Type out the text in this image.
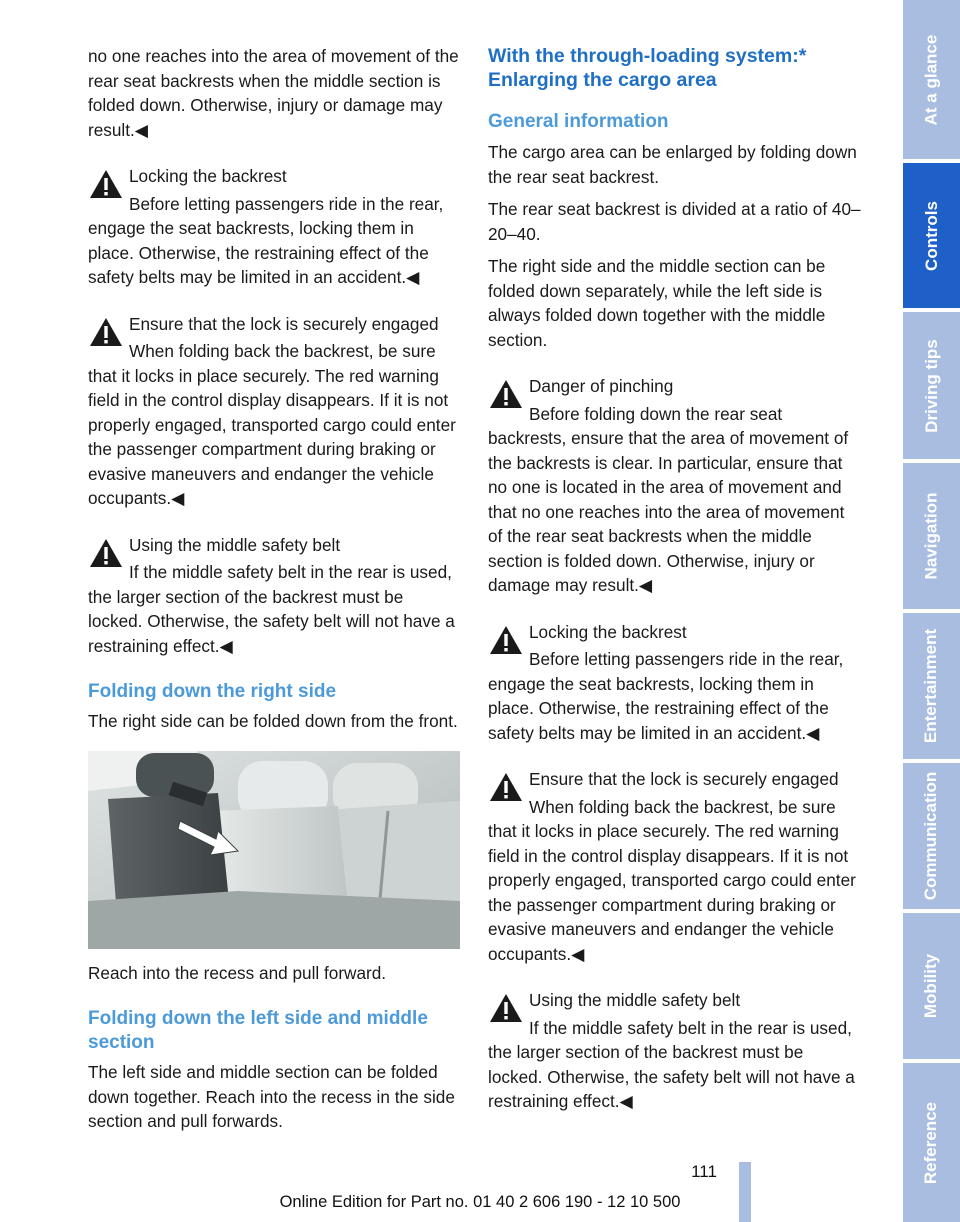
no one reaches into the area of movement of the rear seat backrests when the middle section is folded down. Otherwise, injury or damage may result.◀

Locking the backrest

Before letting passengers ride in the rear, engage the seat backrests, locking them in place. Otherwise, the restraining effect of the safety belts may be limited in an accident.◀

Ensure that the lock is securely engaged

When folding back the backrest, be sure that it locks in place securely. The red warning field in the control display disappears. If it is not properly engaged, transported cargo could enter the passenger compartment during braking or evasive maneuvers and endanger the vehicle occupants.◀

Using the middle safety belt

If the middle safety belt in the rear is used, the larger section of the backrest must be locked. Otherwise, the safety belt will not have a restraining effect.◀

Folding down the right side

The right side can be folded down from the front.

Reach into the recess and pull forward.

Folding down the left side and middle section

The left side and middle section can be folded down together. Reach into the recess in the side section and pull forwards.

With the through-loading system:* Enlarging the cargo area

General information

The cargo area can be enlarged by folding down the rear seat backrest.

The rear seat backrest is divided at a ratio of 40–20–40.

The right side and the middle section can be folded down separately, while the left side is always folded down together with the middle section.

Danger of pinching

Before folding down the rear seat backrests, ensure that the area of movement of the backrests is clear. In particular, ensure that no one is located in the area of movement and that no one reaches into the area of movement of the rear seat backrests when the middle section is folded down. Otherwise, injury or damage may result.◀

Locking the backrest

Before letting passengers ride in the rear, engage the seat backrests, locking them in place. Otherwise, the restraining effect of the safety belts may be limited in an accident.◀

Ensure that the lock is securely engaged

When folding back the backrest, be sure that it locks in place securely. The red warning field in the control display disappears. If it is not properly engaged, transported cargo could enter the passenger compartment during braking or evasive maneuvers and endanger the vehicle occupants.◀

Using the middle safety belt

If the middle safety belt in the rear is used, the larger section of the backrest must be locked. Otherwise, the safety belt will not have a restraining effect.◀

At a glance
Controls
Driving tips
Navigation
Entertainment
Communication
Mobility
Reference
111
Online Edition for Part no. 01 40 2 606 190 - 12 10 500
